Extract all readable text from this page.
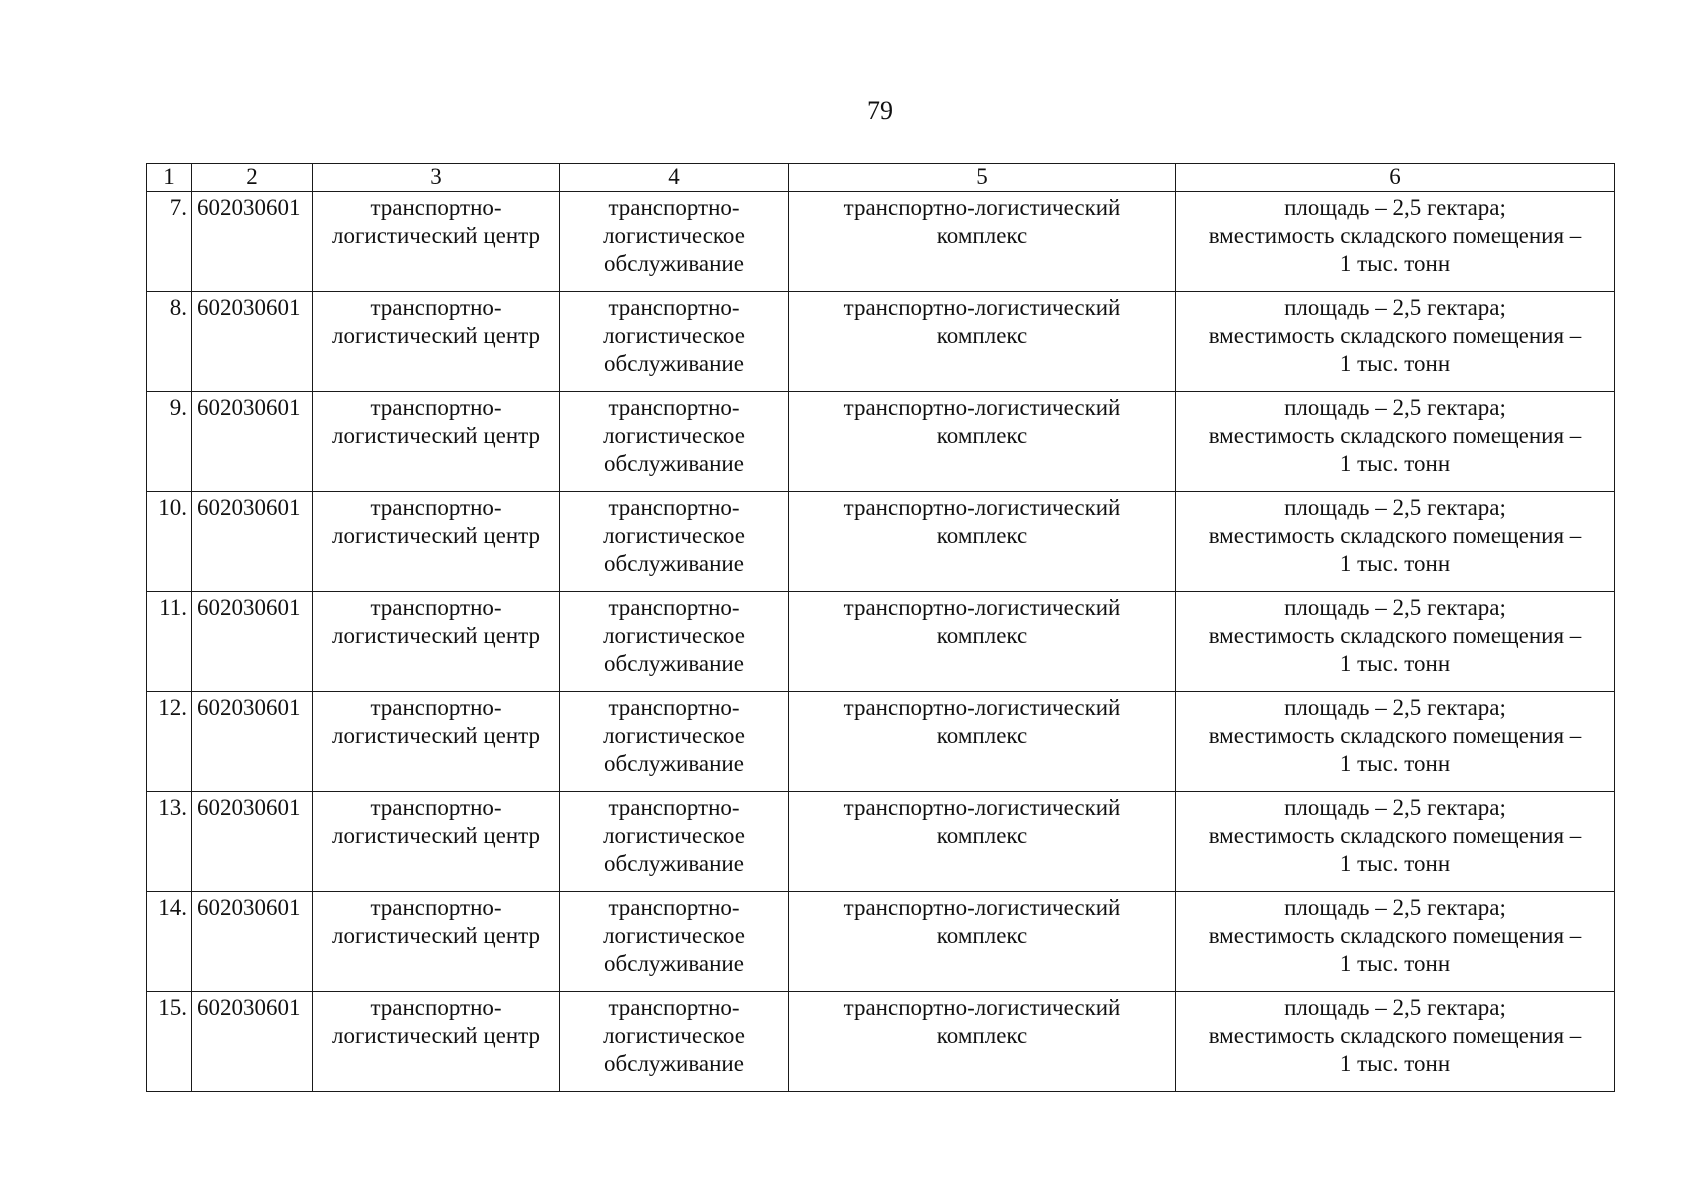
79
1	2	3	4	5	6
7.	602030601	транспортно-
логистический центр	транспортно-
логистическое
обслуживание	транспортно-логистический
комплекс	площадь – 2,5 гектара;
вместимость складского помещения –
1 тыс. тонн

8.	602030601	транспортно-
логистический центр	транспортно-
логистическое
обслуживание	транспортно-логистический
комплекс	площадь – 2,5 гектара;
вместимость складского помещения –
1 тыс. тонн

9.	602030601	транспортно-
логистический центр	транспортно-
логистическое
обслуживание	транспортно-логистический
комплекс	площадь – 2,5 гектара;
вместимость складского помещения –
1 тыс. тонн

10.	602030601	транспортно-
логистический центр	транспортно-
логистическое
обслуживание	транспортно-логистический
комплекс	площадь – 2,5 гектара;
вместимость складского помещения –
1 тыс. тонн

11.	602030601	транспортно-
логистический центр	транспортно-
логистическое
обслуживание	транспортно-логистический
комплекс	площадь – 2,5 гектара;
вместимость складского помещения –
1 тыс. тонн

12.	602030601	транспортно-
логистический центр	транспортно-
логистическое
обслуживание	транспортно-логистический
комплекс	площадь – 2,5 гектара;
вместимость складского помещения –
1 тыс. тонн

13.	602030601	транспортно-
логистический центр	транспортно-
логистическое
обслуживание	транспортно-логистический
комплекс	площадь – 2,5 гектара;
вместимость складского помещения –
1 тыс. тонн

14.	602030601	транспортно-
логистический центр	транспортно-
логистическое
обслуживание	транспортно-логистический
комплекс	площадь – 2,5 гектара;
вместимость складского помещения –
1 тыс. тонн

15.	602030601	транспортно-
логистический центр	транспортно-
логистическое
обслуживание	транспортно-логистический
комплекс	площадь – 2,5 гектара;
вместимость складского помещения –
1 тыс. тонн
